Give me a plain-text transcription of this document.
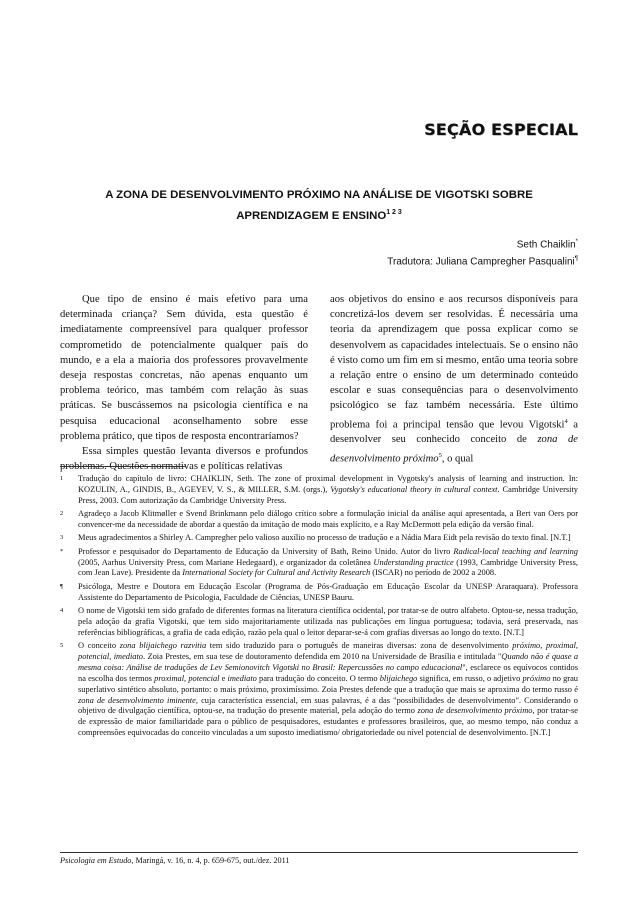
SEÇÃO ESPECIAL
A ZONA DE DESENVOLVIMENTO PRÓXIMO NA ANÁLISE DE VIGOTSKI SOBRE
APRENDIZAGEM E $ENSINO^{1 2 3}$
Seth Chaiklin*
Tradutora: Juliana Campregher Pasqualini¶

Que tipo de ensino é mais efetivo para uma determinada criança? Sem dúvida, esta questão é imediatamente compreensível para qualquer professor comprometido de potencialmente qualquer país do mundo, e a ela a maioria dos professores provavelmente deseja respostas concretas, não apenas enquanto um problema teórico, mas também com relação às suas práticas. Se buscássemos na psicologia científica e na pesquisa educacional aconselhamento sobre esse problema prático, que tipos de resposta encontraríamos?

Essa simples questão levanta diversos e profundos problemas. Questões normativas e políticas relativas

aos objetivos do ensino e aos recursos disponíveis para concretizá-los devem ser resolvidas. É necessária uma teoria da aprendizagem que possa explicar como se desenvolvem as capacidades intelectuais. Se o ensino não é visto como um fim em si mesmo, então uma teoria sobre a relação entre o ensino de um determinado conteúdo escolar e suas consequências para o desenvolvimento psicológico se faz também necessária. Este último problema foi a principal tensão que levou Vigotski$^4$ a desenvolver seu conhecido conceito de zona de desenvolvimento próximo$^5$, o qual

1	Tradução do capítulo de livro: CHAIKLIN, Seth. The zone of proximal development in Vygotsky's analysis of learning and instruction. In: KOZULIN, A., GINDIS, B., AGEYEV, V. S., & MILLER, S.M. (orgs.), Vygotsky's educational theory in cultural context. Cambridge University Press, 2003. Com autorização da Cambridge University Press.
2	Agradeço a Jacob Klitmøller e Svend Brinkmann pelo diálogo crítico sobre a formulação inicial da análise aqui apresentada, a Bert van Oers por convencer-me da necessidade de abordar a questão da imitação de modo mais explícito, e a Ray McDermott pela edição da versão final.
3	Meus agradecimentos a Shirley A. Campregher pelo valioso auxílio no processo de tradução e a Nádia Mara Eidt pela revisão do texto final. [N.T.]
*	Professor e pesquisador do Departamento de Educação da University of Bath, Reino Unido. Autor do livro Radical-local teaching and learning (2005, Aarhus University Press, com Mariane Hedegaard), e organizador da coletânea Understanding practice (1993, Cambridge University Press, com Jean Lave). Presidente da International Society for Cultural and Activity Research (ISCAR) no período de 2002 a 2008.
¶	Psicóloga, Mestre e Doutora em Educação Escolar (Programa de Pós-Graduação em Educação Escolar da UNESP Araraquara). Professora Assistente do Departamento de Psicologia, Faculdade de Ciências, UNESP Bauru.
4	O nome de Vigotski tem sido grafado de diferentes formas na literatura científica ocidental, por tratar-se de outro alfabeto. Optou-se, nessa tradução, pela adoção da grafia Vigotski, que tem sido majoritariamente utilizada nas publicações em língua portuguesa; todavia, será preservada, nas referências bibliográficas, a grafia de cada edição, razão pela qual o leitor deparar-se-á com grafias diversas ao longo do texto. [N.T.]
5	O conceito zona blijaichego razvitia tem sido traduzido para o português de maneiras diversas: zona de desenvolvimento próximo, proximal, potencial, imediato. Zoia Prestes, em sua tese de doutoramento defendida em 2010 na Universidade de Brasília e intitulada "Quando não é quase a mesma coisa: Análise de traduções de Lev Semionovitch Vigotski no Brasil: Repercussões no campo educacional", esclarece os equívocos contidos na escolha dos termos proximal, potencial e imediato para tradução do conceito. O termo blijaichego significa, em russo, o adjetivo próximo no grau superlativo sintético absoluto, portanto: o mais próximo, proximíssimo. Zoia Prestes defende que a tradução que mais se aproxima do termo russo é zona de desenvolvimento iminente, cuja característica essencial, em suas palavras, é a das "possibilidades de desenvolvimento". Considerando o objetivo de divulgação científica, optou-se, na tradução do presente material, pela adoção do termo zona de desenvolvimento próximo, por tratar-se de expressão de maior familiaridade para o público de pesquisadores, estudantes e professores brasileiros, que, ao mesmo tempo, não conduz a compreensões equivocadas do conceito vinculadas a um suposto imediatismo/ obrigatoriedade ou nível potencial de desenvolvimento. [N.T.]
Psicologia em Estudo, Maringá, v. 16, n. 4, p. 659-675, out./dez. 2011
